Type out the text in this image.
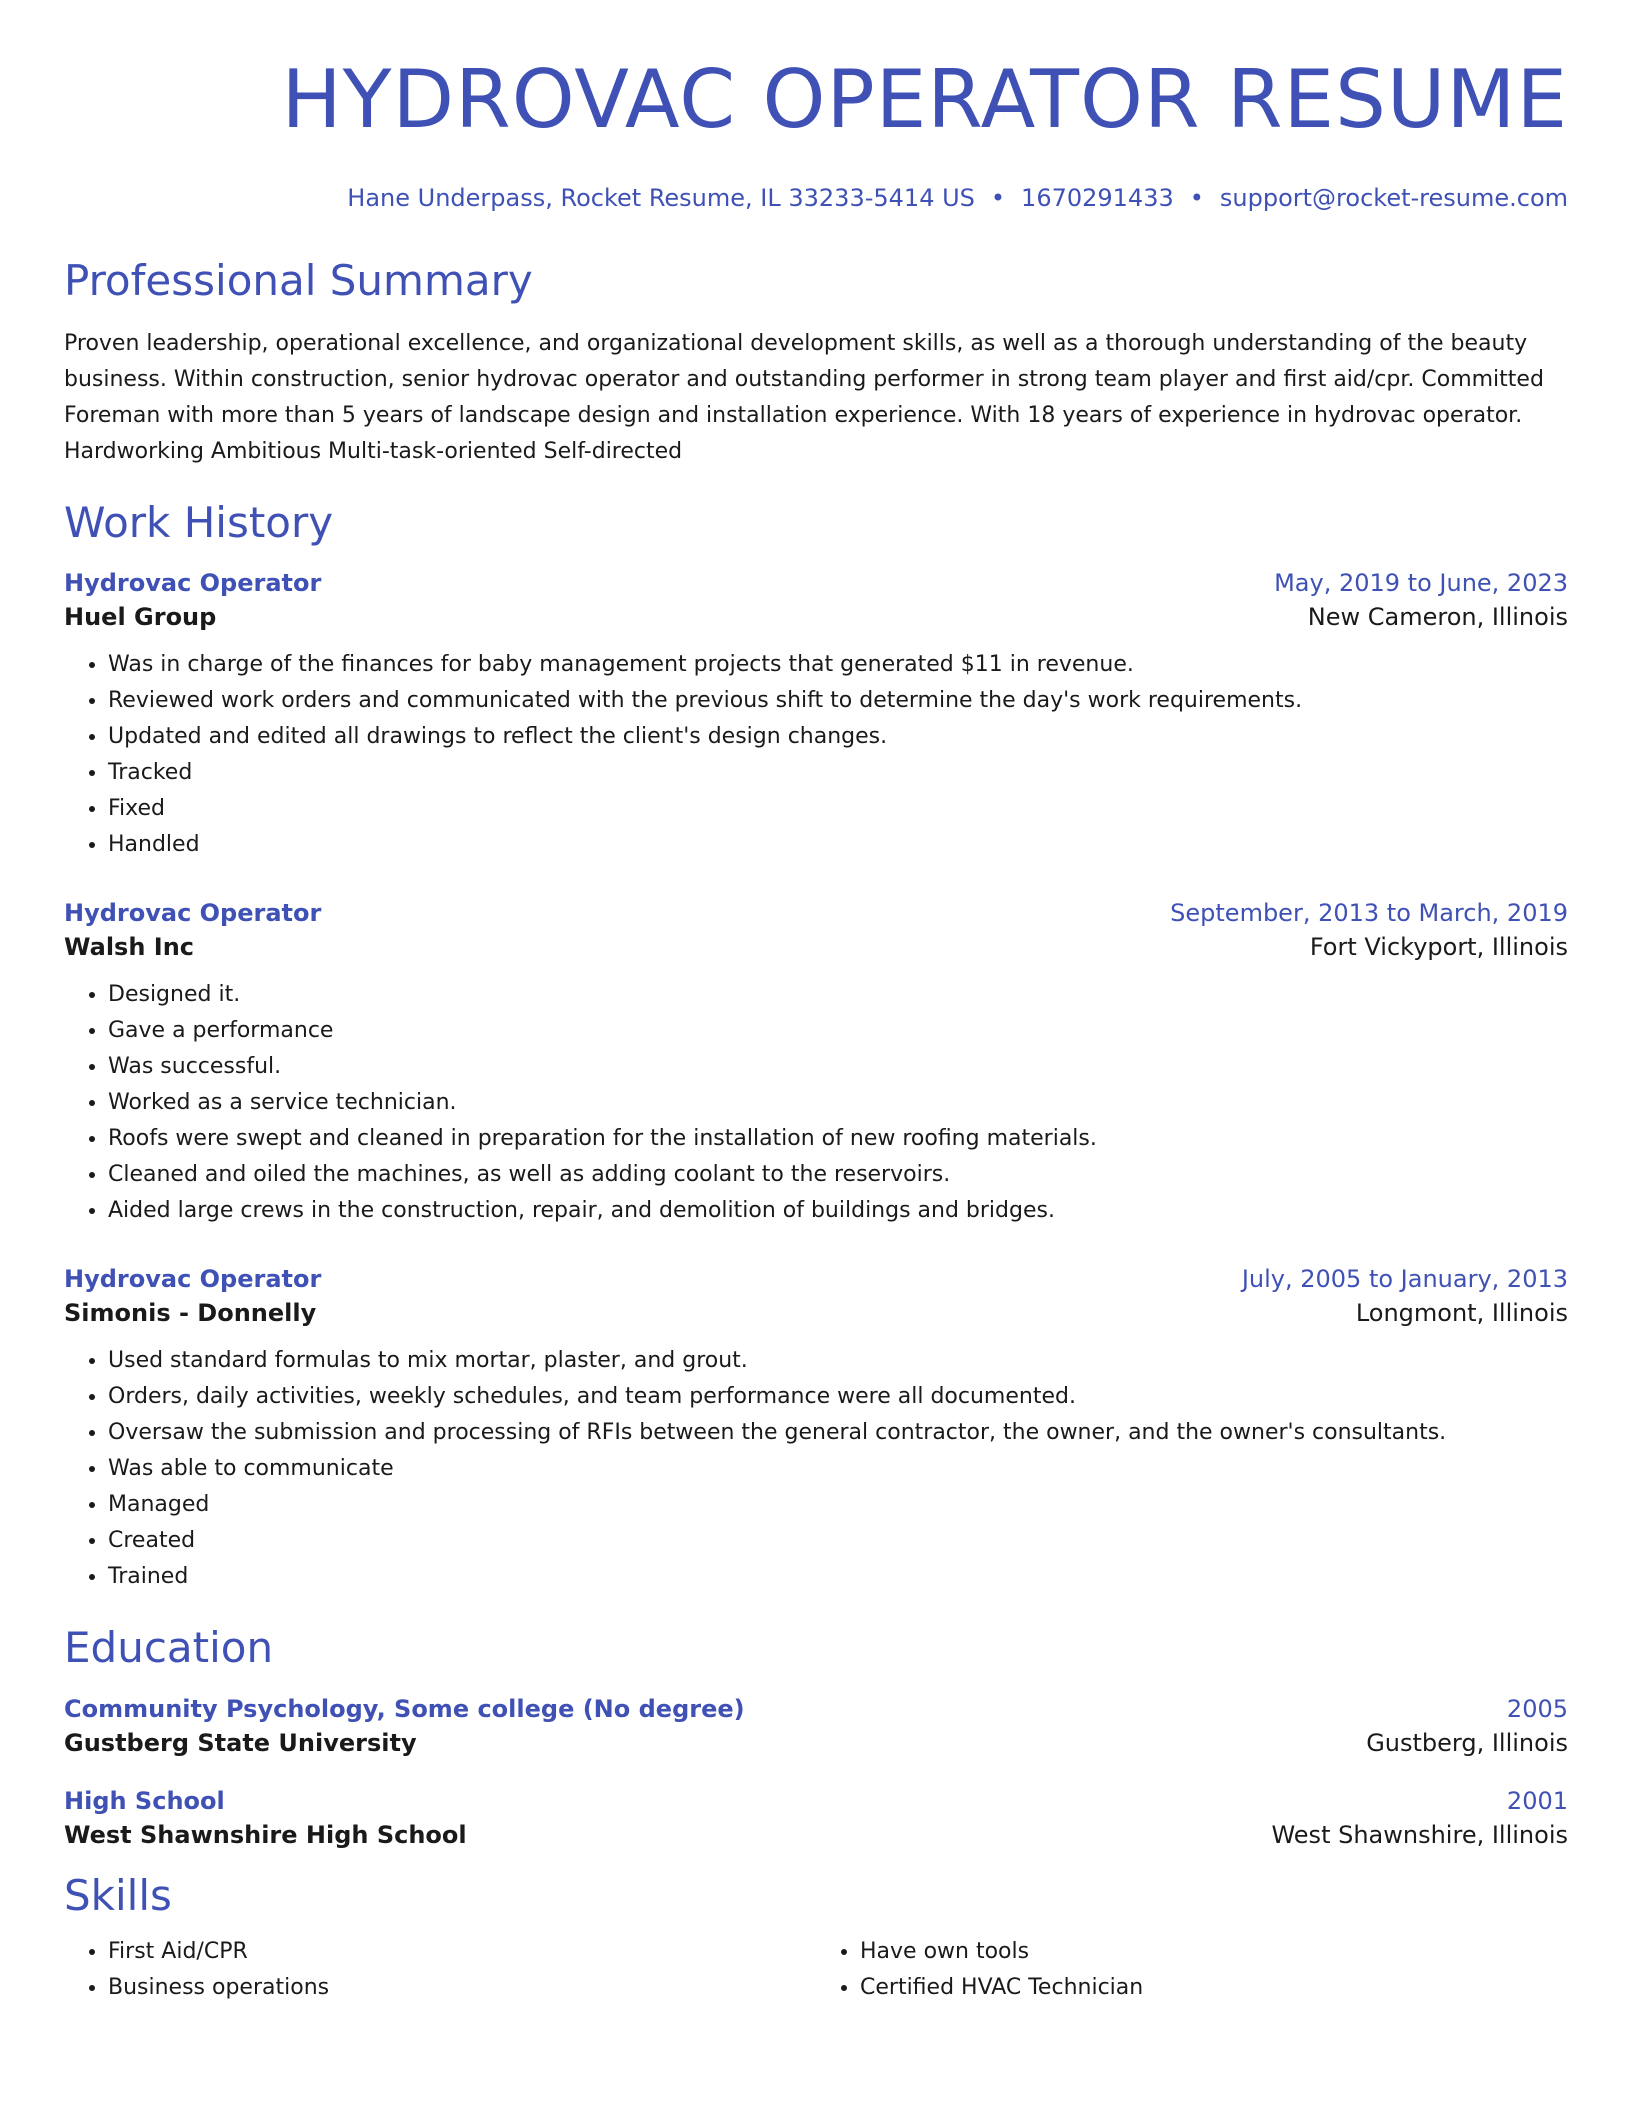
HYDROVAC OPERATOR RESUME
Hane Underpass, Rocket Resume, IL 33233-5414 US • 1670291433 • support@rocket-resume.com
Professional Summary

Proven leadership, operational excellence, and organizational development skills, as well as a thorough understanding of the beauty business. Within construction, senior hydrovac operator and outstanding performer in strong team player and first aid/cpr. Committed Foreman with more than 5 years of landscape design and installation experience. With 18 years of experience in hydrovac operator. Hardworking Ambitious Multi-task-oriented Self-directed

Work History
Hydrovac Operator	May, 2019 to June, 2023
Huel Group	New Cameron, Illinois
• Was in charge of the finances for baby management projects that generated $11 in revenue.
• Reviewed work orders and communicated with the previous shift to determine the day's work requirements.
• Updated and edited all drawings to reflect the client's design changes.
• Tracked
• Fixed
• Handled
Hydrovac Operator	September, 2013 to March, 2019
Walsh Inc	Fort Vickyport, Illinois
• Designed it.
• Gave a performance
• Was successful.
• Worked as a service technician.
• Roofs were swept and cleaned in preparation for the installation of new roofing materials.
• Cleaned and oiled the machines, as well as adding coolant to the reservoirs.
• Aided large crews in the construction, repair, and demolition of buildings and bridges.
Hydrovac Operator	July, 2005 to January, 2013
Simonis - Donnelly	Longmont, Illinois
• Used standard formulas to mix mortar, plaster, and grout.
• Orders, daily activities, weekly schedules, and team performance were all documented.
• Oversaw the submission and processing of RFIs between the general contractor, the owner, and the owner's consultants.
• Was able to communicate
• Managed
• Created
• Trained
Education
Community Psychology, Some college (No degree)	2005
Gustberg State University	Gustberg, Illinois
High School	2001
West Shawnshire High School	West Shawnshire, Illinois
Skills
• First Aid/CPR
• Business operations
• Have own tools
• Certified HVAC Technician
